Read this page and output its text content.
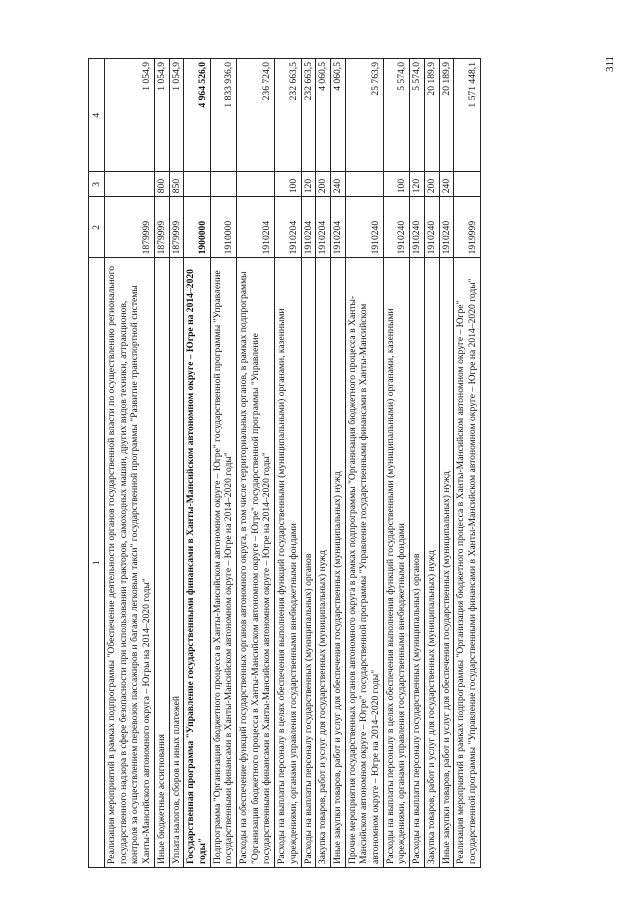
311
1	2	3	4
Реализация мероприятий в рамках подпрограммы "Обеспечение деятельности органов государственной власти по осуществлению регионального государственного надзора в сфере безопасности при использовании тракторов, самоходных машин, других видов техники, аттракционов, контроля за осуществлением перевозок пассажиров и багажа легковым такси" государственной программы "Развитие транспортной системы Ханты-Мансийского автономного округа – Югры на 2014–2020 годы"	1879999		1 054,9
Иные бюджетные ассигнования	1879999	800	1 054,9
Уплата налогов, сборов и иных платежей	1879999	850	1 054,9
Государственная программа "Управление государственными финансами в Ханты-Мансийском автономном округе – Югре на 2014–2020 годы"	1900000		4 964 526,0
Подпрограмма "Организация бюджетного процесса в Ханты-Мансийском автономном округе – Югре" государственной программы "Управление государственными финансами в Ханты-Мансийском автономном округе – Югре на 2014–2020 годы"	1910000		1 833 936,0
Расходы на обеспечение функций государственных органов автономного округа, в том числе территориальных органов, в рамках подпрограммы "Организация бюджетного процесса в Ханты-Мансийском автономном округе – Югре" государственной программы "Управление государственными финансами в Ханты-Мансийском автономном округе – Югре на 2014–2020 годы"	1910204		236 724,0
Расходы на выплаты персоналу в целях обеспечения выполнения функций государственными (муниципальными) органами, казенными учреждениями, органами управления государственными внебюджетными фондами	1910204	100	232 663,5
Расходы на выплаты персоналу государственных (муниципальных) органов	1910204	120	232 663,5
Закупка товаров, работ и услуг для государственных (муниципальных) нужд	1910204	200	4 060,5
Иные закупки товаров, работ и услуг для обеспечения государственных (муниципальных) нужд	1910204	240	4 060,5
Прочие мероприятия государственных органов автономного округа в рамках подпрограммы "Организация бюджетного процесса в Ханты-Мансийском автономном округе – Югре" государственной программы "Управление государственными финансами в Ханты-Мансийском автономном округе – Югре на 2014–2020 годы"	1910240		25 763,9
Расходы на выплаты персоналу в целях обеспечения выполнения функций государственными (муниципальными) органами, казенными учреждениями, органами управления государственными внебюджетными фондами	1910240	100	5 574,0
Расходы на выплаты персоналу государственных (муниципальных) органов	1910240	120	5 574,0
Закупка товаров, работ и услуг для государственных (муниципальных) нужд	1910240	200	20 189,9
Иные закупки товаров, работ и услуг для обеспечения государственных (муниципальных) нужд	1910240	240	20 189,9
Реализация мероприятий в рамках подпрограммы "Организация бюджетного процесса в Ханты-Мансийском автономном округе – Югре" государственной программы "Управление государственными финансами в Ханты-Мансийском автономном округе – Югре на 2014–2020 годы"	1919999		1 571 448,1
